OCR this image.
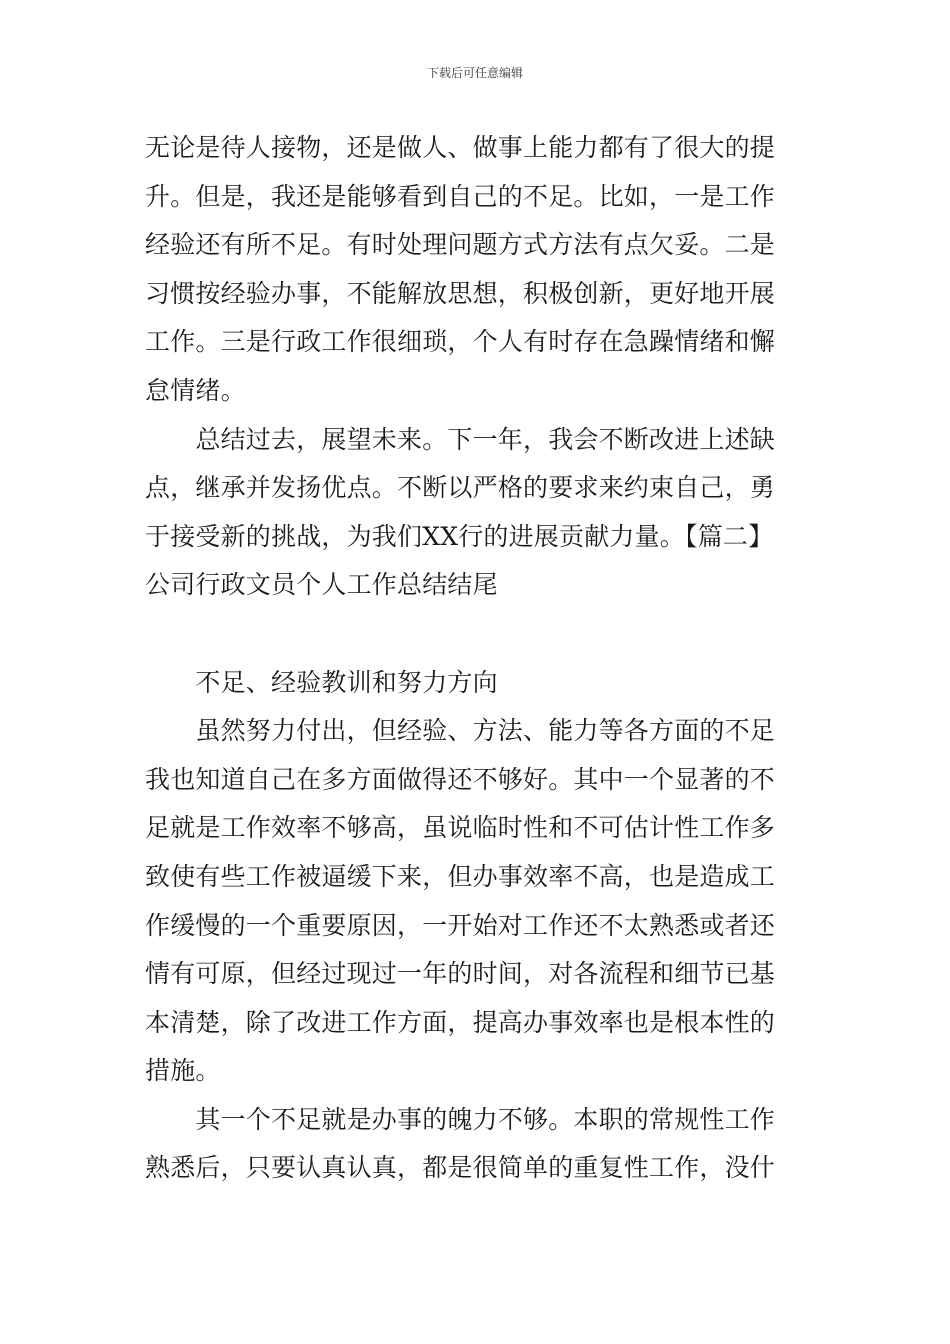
下载后可任意编辑
无论是待人接物，还是做人、做事上能力都有了很大的提
升。但是，我还是能够看到自己的不足。比如，一是工作
经验还有所不足。有时处理问题方式方法有点欠妥。二是
习惯按经验办事，不能解放思想，积极创新，更好地开展
工作。三是行政工作很细琐，个人有时存在急躁情绪和懈
怠情绪。
　　总结过去，展望未来。下一年，我会不断改进上述缺
点，继承并发扬优点。不断以严格的要求来约束自己，勇
于接受新的挑战，为我们XX行的进展贡献力量。【篇二】
公司行政文员个人工作总结结尾
　　不足、经验教训和努力方向
　　虽然努力付出，但经验、方法、能力等各方面的不足
我也知道自己在多方面做得还不够好。其中一个显著的不
足就是工作效率不够高，虽说临时性和不可估计性工作多
致使有些工作被逼缓下来，但办事效率不高，也是造成工
作缓慢的一个重要原因，一开始对工作还不太熟悉或者还
情有可原，但经过现过一年的时间，对各流程和细节已基
本清楚，除了改进工作方面，提高办事效率也是根本性的
措施。
　　其一个不足就是办事的魄力不够。本职的常规性工作
熟悉后，只要认真认真，都是很简单的重复性工作，没什
